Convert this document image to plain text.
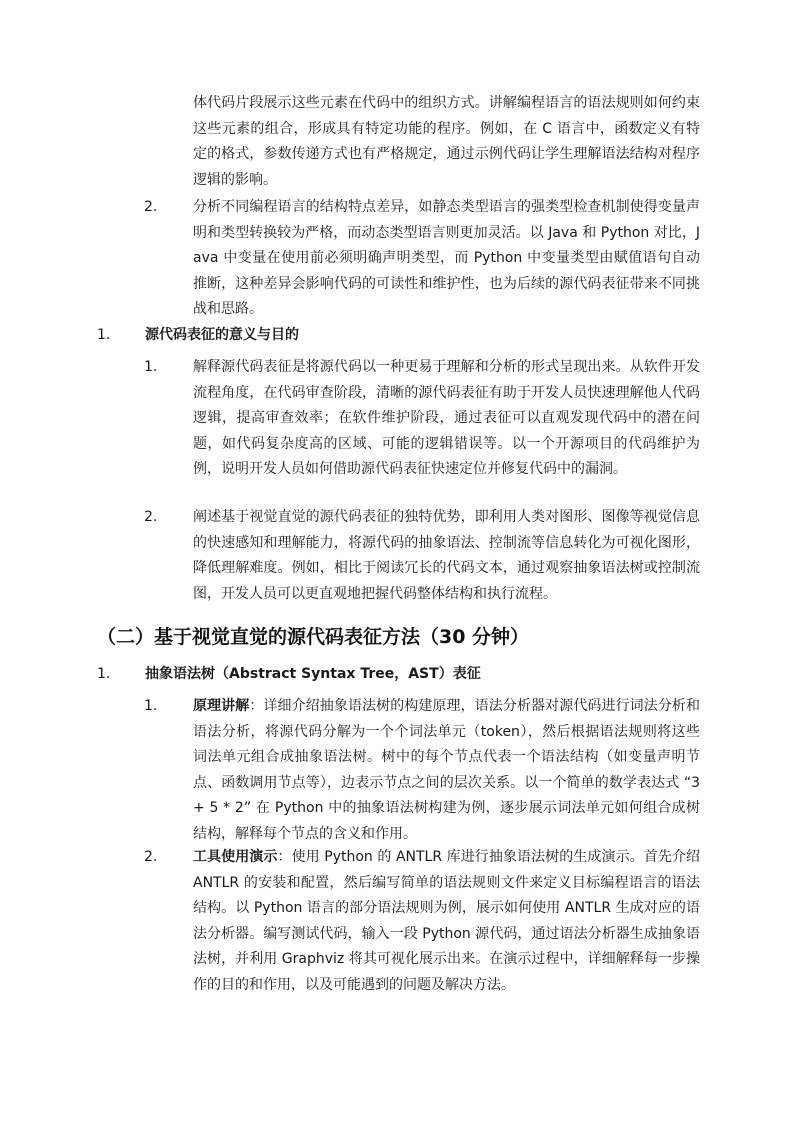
体代码片段展示这些元素在代码中的组织方式。讲解编程语言的语法规则如何约束这些元素的组合，形成具有特定功能的程序。例如，在 C 语言中，函数定义有特定的格式，参数传递方式也有严格规定，通过示例代码让学生理解语法结构对程序逻辑的影响。
2.	分析不同编程语言的结构特点差异，如静态类型语言的强类型检查机制使得变量声明和类型转换较为严格，而动态类型语言则更加灵活。以 Java 和 Python 对比，Java 中变量在使用前必须明确声明类型，而 Python 中变量类型由赋值语句自动推断，这种差异会影响代码的可读性和维护性，也为后续的源代码表征带来不同挑战和思路。
1. 源代码表征的意义与目的
1.	解释源代码表征是将源代码以一种更易于理解和分析的形式呈现出来。从软件开发流程角度，在代码审查阶段，清晰的源代码表征有助于开发人员快速理解他人代码逻辑，提高审查效率；在软件维护阶段，通过表征可以直观发现代码中的潜在问题，如代码复杂度高的区域、可能的逻辑错误等。以一个开源项目的代码维护为例，说明开发人员如何借助源代码表征快速定位并修复代码中的漏洞。
2.	阐述基于视觉直觉的源代码表征的独特优势，即利用人类对图形、图像等视觉信息的快速感知和理解能力，将源代码的抽象语法、控制流等信息转化为可视化图形，降低理解难度。例如，相比于阅读冗长的代码文本，通过观察抽象语法树或控制流图，开发人员可以更直观地把握代码整体结构和执行流程。
（二）基于视觉直觉的源代码表征方法（30 分钟）
1. 抽象语法树（Abstract Syntax Tree，AST）表征
1.	原理讲解：详细介绍抽象语法树的构建原理，语法分析器对源代码进行词法分析和语法分析，将源代码分解为一个个词法单元（token），然后根据语法规则将这些词法单元组合成抽象语法树。树中的每个节点代表一个语法结构（如变量声明节点、函数调用节点等），边表示节点之间的层次关系。以一个简单的数学表达式 “3 + 5 * 2” 在 Python 中的抽象语法树构建为例，逐步展示词法单元如何组合成树结构，解释每个节点的含义和作用。
2.	工具使用演示：使用 Python 的 ANTLR 库进行抽象语法树的生成演示。首先介绍 ANTLR 的安装和配置，然后编写简单的语法规则文件来定义目标编程语言的语法结构。以 Python 语言的部分语法规则为例，展示如何使用 ANTLR 生成对应的语法分析器。编写测试代码，输入一段 Python 源代码，通过语法分析器生成抽象语法树，并利用 Graphviz 将其可视化展示出来。在演示过程中，详细解释每一步操作的目的和作用，以及可能遇到的问题及解决方法。
